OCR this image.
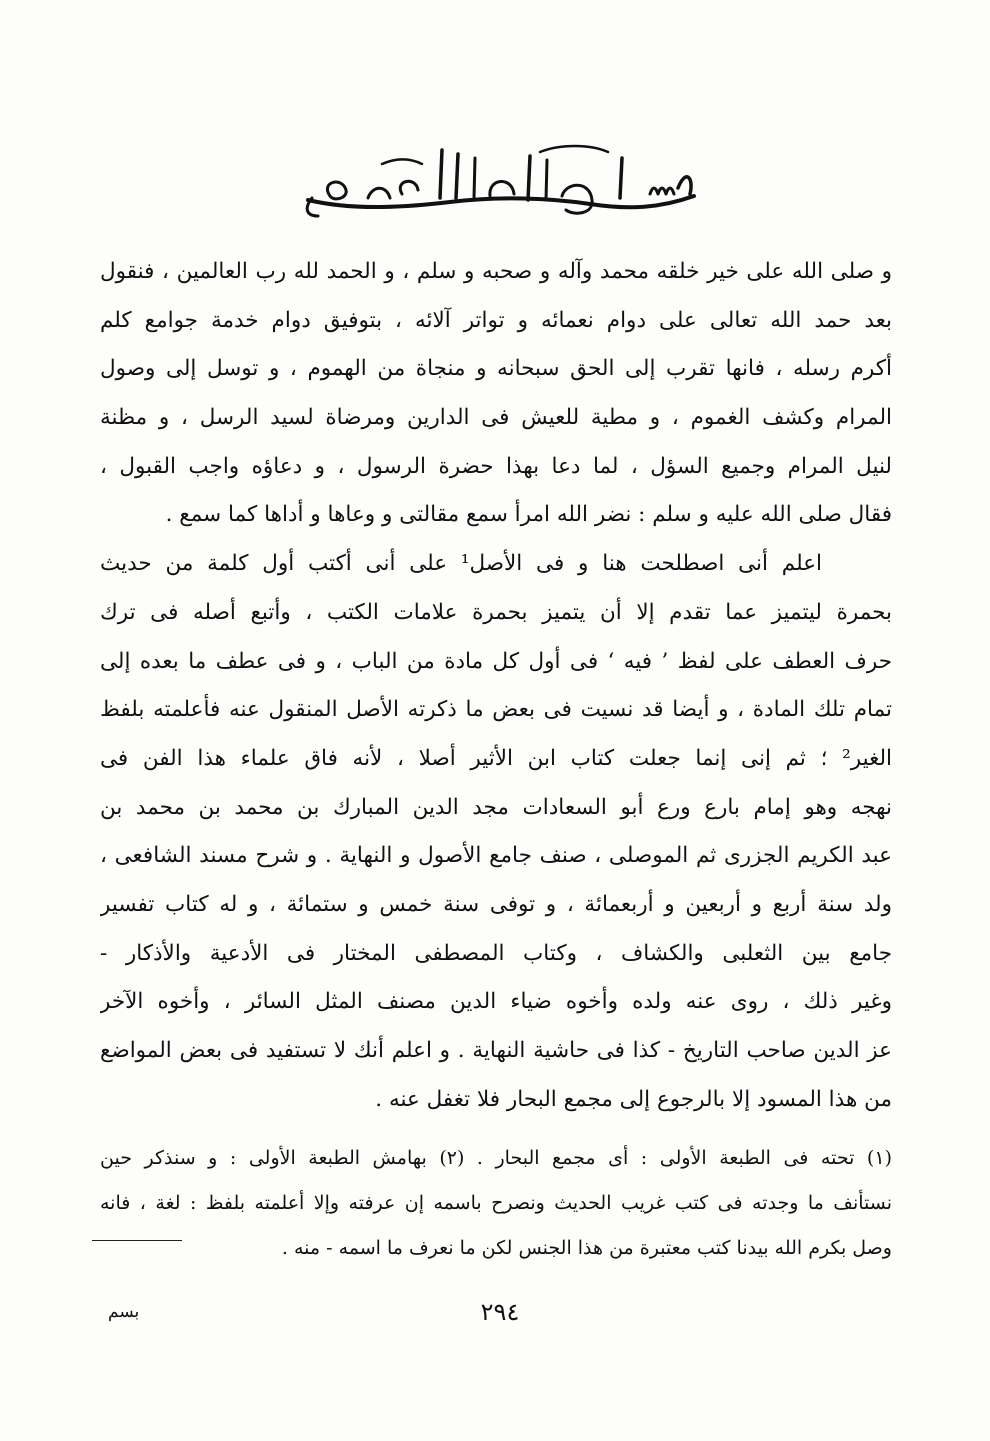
و صلى الله على خير خلقه محمد وآله و صحبه و سلم ، و الحمد لله رب العالمين ، فنقول
بعد حمد الله تعالى على دوام نعمائه و تواتر آلائه ، بتوفيق دوام خدمة جوامع كلم
أكرم رسله ، فانها تقرب إلى الحق سبحانه و منجاة من الهموم ، و توسل إلى وصول
المرام وكشف الغموم ، و مطية للعيش فى الدارين ومرضاة لسيد الرسل ، و مظنة
لنيل المرام وجميع السؤل ، لما دعا بهذا حضرة الرسول ، و دعاؤه واجب القبول ،
فقال صلى الله عليه و سلم : نضر الله امرأ سمع مقالتى و وعاها و أداها كما سمع .
اعلم أنى اصطلحت هنا و فى الأصل¹ على أنى أكتب أول كلمة من حديث
بحمرة ليتميز عما تقدم إلا أن يتميز بحمرة علامات الكتب ، وأتبع أصله فى ترك
حرف العطف على لفظ ’ فيه ‘ فى أول كل مادة من الباب ، و فى عطف ما بعده إلى
تمام تلك المادة ، و أيضا قد نسيت فى بعض ما ذكرته الأصل المنقول عنه فأعلمته بلفظ
الغير² ؛ ثم إنى إنما جعلت كتاب ابن الأثير أصلا ، لأنه فاق علماء هذا الفن فى
نهجه وهو إمام بارع ورع أبو السعادات مجد الدين المبارك بن محمد بن محمد بن
عبد الكريم الجزرى ثم الموصلى ، صنف جامع الأصول و النهاية . و شرح مسند الشافعى ،
ولد سنة أربع و أربعين و أربعمائة ، و توفى سنة خمس و ستمائة ، و له كتاب تفسير
جامع بين الثعلبى والكشاف ، وكتاب المصطفى المختار فى الأدعية والأذكار -
وغير ذلك ، روى عنه ولده وأخوه ضياء الدين مصنف المثل السائر ، وأخوه الآخر
عز الدين صاحب التاريخ - كذا فى حاشية النهاية . و اعلم أنك لا تستفيد فى بعض المواضع
من هذا المسود إلا بالرجوع إلى مجمع البحار فلا تغفل عنه .
(١) تحته فى الطبعة الأولى : أى مجمع البحار . (٢) بهامش الطبعة الأولى : و سنذكر حين
نستأنف ما وجدته فى كتب غريب الحديث ونصرح باسمه إن عرفته وإلا أعلمته بلفظ : لغة ، فانه
وصل بكرم الله بيدنا كتب معتبرة من هذا الجنس لكن ما نعرف ما اسمه - منه .
٢٩٤
بسم
